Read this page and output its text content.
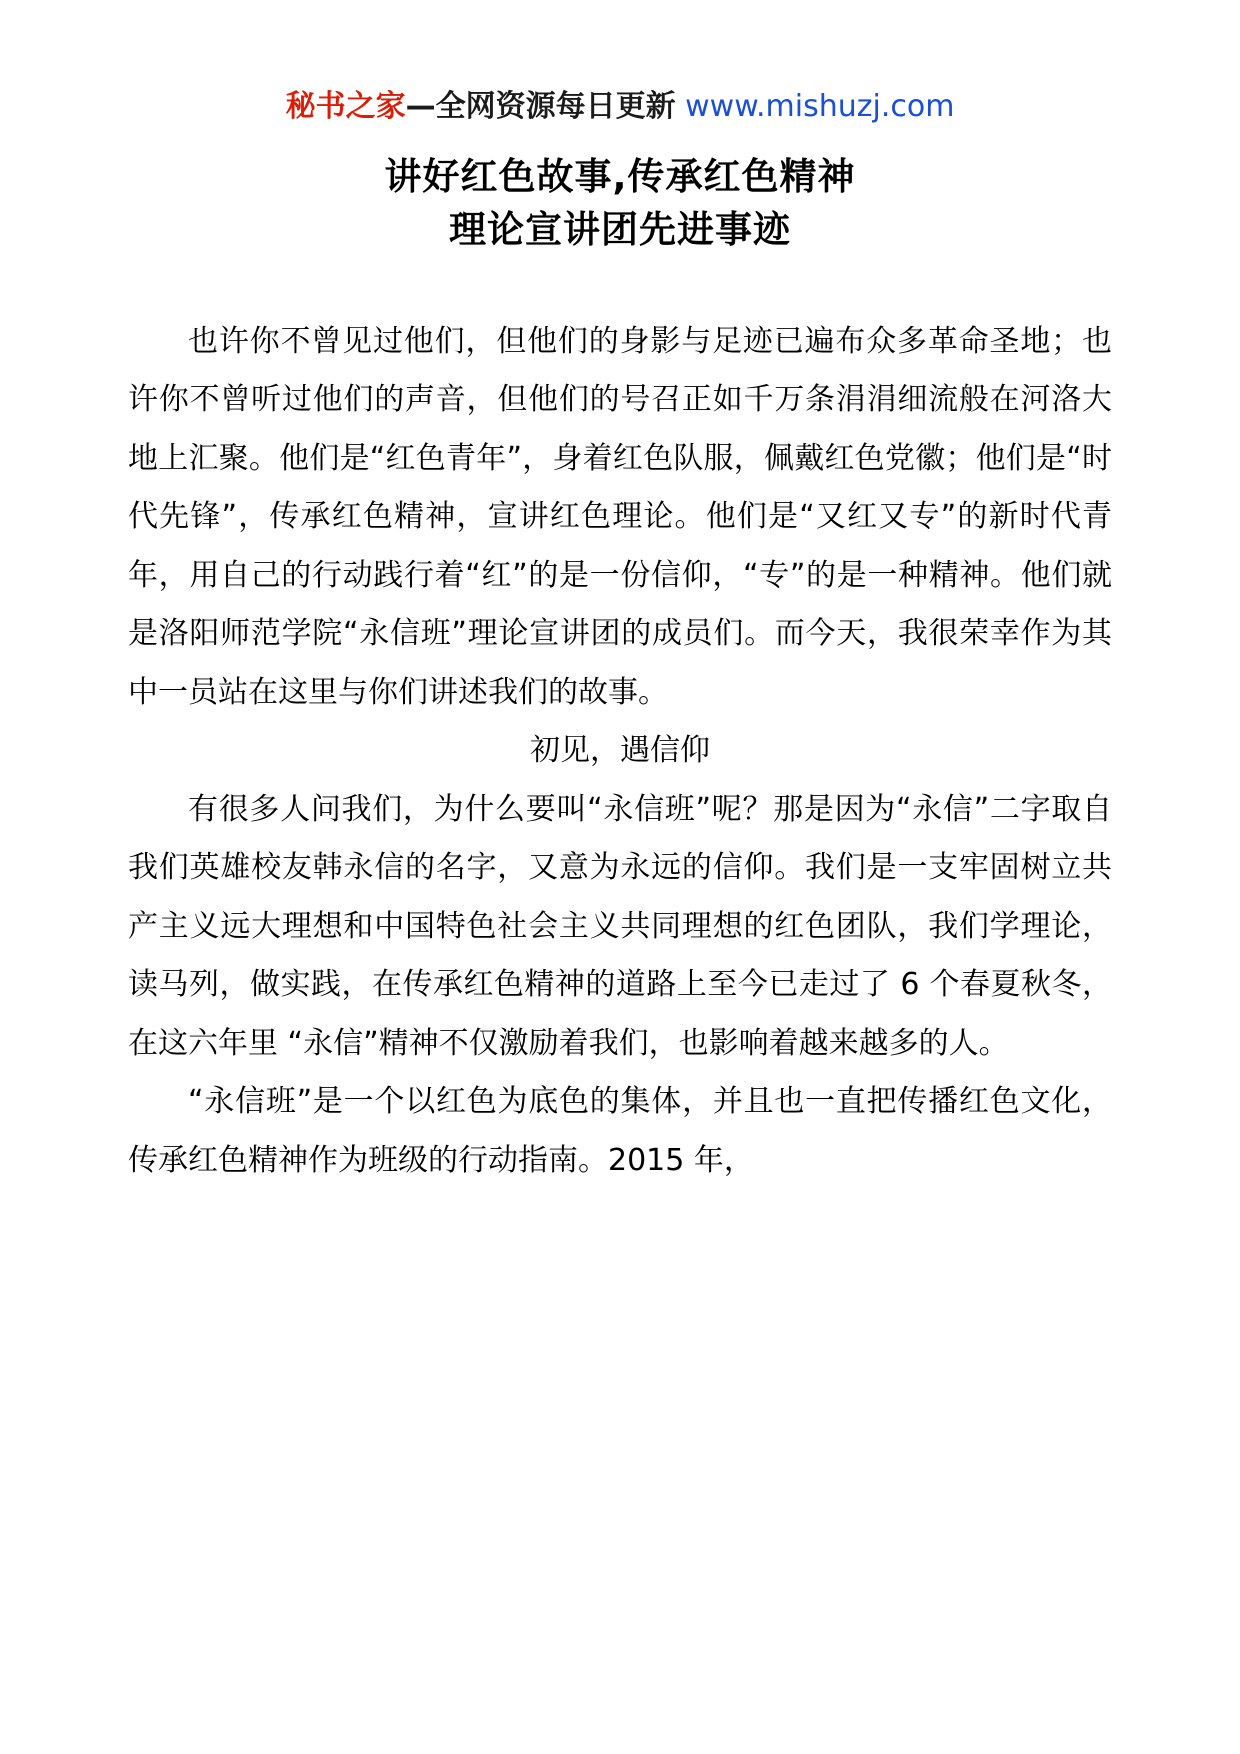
秘书之家—全网资源每日更新 www.mishuzj.com
讲好红色故事,传承红色精神
理论宣讲团先进事迹

也许你不曾见过他们，但他们的身影与足迹已遍布众多革命圣地；也许你不曾听过他们的声音，但他们的号召正如千万条涓涓细流般在河洛大地上汇聚。他们是“红色青年”，身着红色队服，佩戴红色党徽；他们是“时代先锋”，传承红色精神，宣讲红色理论。他们是“又红又专”的新时代青年，用自己的行动践行着“红”的是一份信仰，“专”的是一种精神。他们就是洛阳师范学院“永信班”理论宣讲团的成员们。而今天，我很荣幸作为其中一员站在这里与你们讲述我们的故事。

初见，遇信仰

有很多人问我们，为什么要叫“永信班”呢？那是因为“永信”二字取自我们英雄校友韩永信的名字，又意为永远的信仰。我们是一支牢固树立共产主义远大理想和中国特色社会主义共同理想的红色团队，我们学理论，读马列，做实践，在传承红色精神的道路上至今已走过了 6 个春夏秋冬，在这六年里 “永信”精神不仅激励着我们，也影响着越来越多的人。

“永信班”是一个以红色为底色的集体，并且也一直把传播红色文化，传承红色精神作为班级的行动指南。2015 年，
